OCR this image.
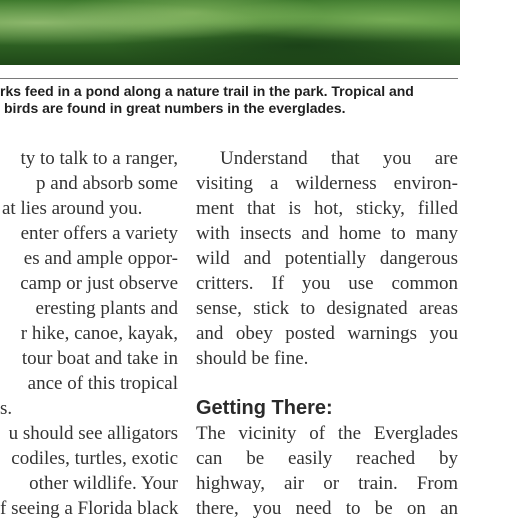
rks feed in a pond along a nature trail in the park. Tropical and
birds are found in great numbers in the everglades.
ty to talk to a ranger,
p and absorb some
at lies around you.
enter offers a variety
es and ample oppor-
camp or just observe
eresting plants and
r hike, canoe, kayak,
tour boat and take in
ance of this tropical
s.
u should see alligators
codiles, turtles, exotic
other wildlife. Your
f seeing a Florida black
Understand that you are
visiting a wilderness environ-
ment that is hot, sticky, filled
with insects and home to many
wild and potentially dangerous
critters. If you use common
sense, stick to designated areas
and obey posted warnings you
should be fine.
Getting There:
The vicinity of the Everglades
can be easily reached by
highway, air or train. From
there, you need to be on an
